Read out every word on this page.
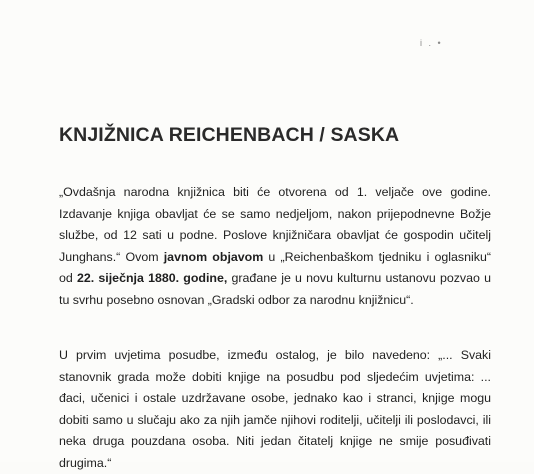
i . •
KNJIŽNICA REICHENBACH / SASKA

„Ovdašnja narodna knjižnica biti će otvorena od 1. veljače ove godine.
Izdavanje knjiga obavljat će se samo nedjeljom, nakon prijepodnevne Božje
službe, od 12 sati u podne. Poslove knjižničara obavljat će gospodin učitelj
Junghans.“ Ovom javnom objavom u „Reichenbaškom tjedniku i oglasniku“
od 22. siječnja 1880. godine, građane je u novu kulturnu ustanovu pozvao u
tu svrhu posebno osnovan „Gradski odbor za narodnu knjižnicu“.

U prvim uvjetima posudbe, između ostalog, je bilo navedeno: „... Svaki
stanovnik grada može dobiti knjige na posudbu pod sljedećim uvjetima: ...
đaci, učenici i ostale uzdržavane osobe, jednako kao i stranci, knjige mogu
dobiti samo u slučaju ako za njih jamče njihovi roditelji, učitelji ili poslodavci, ili
neka druga pouzdana osoba. Niti jedan čitatelj knjige ne smije posuđivati
drugima.“
